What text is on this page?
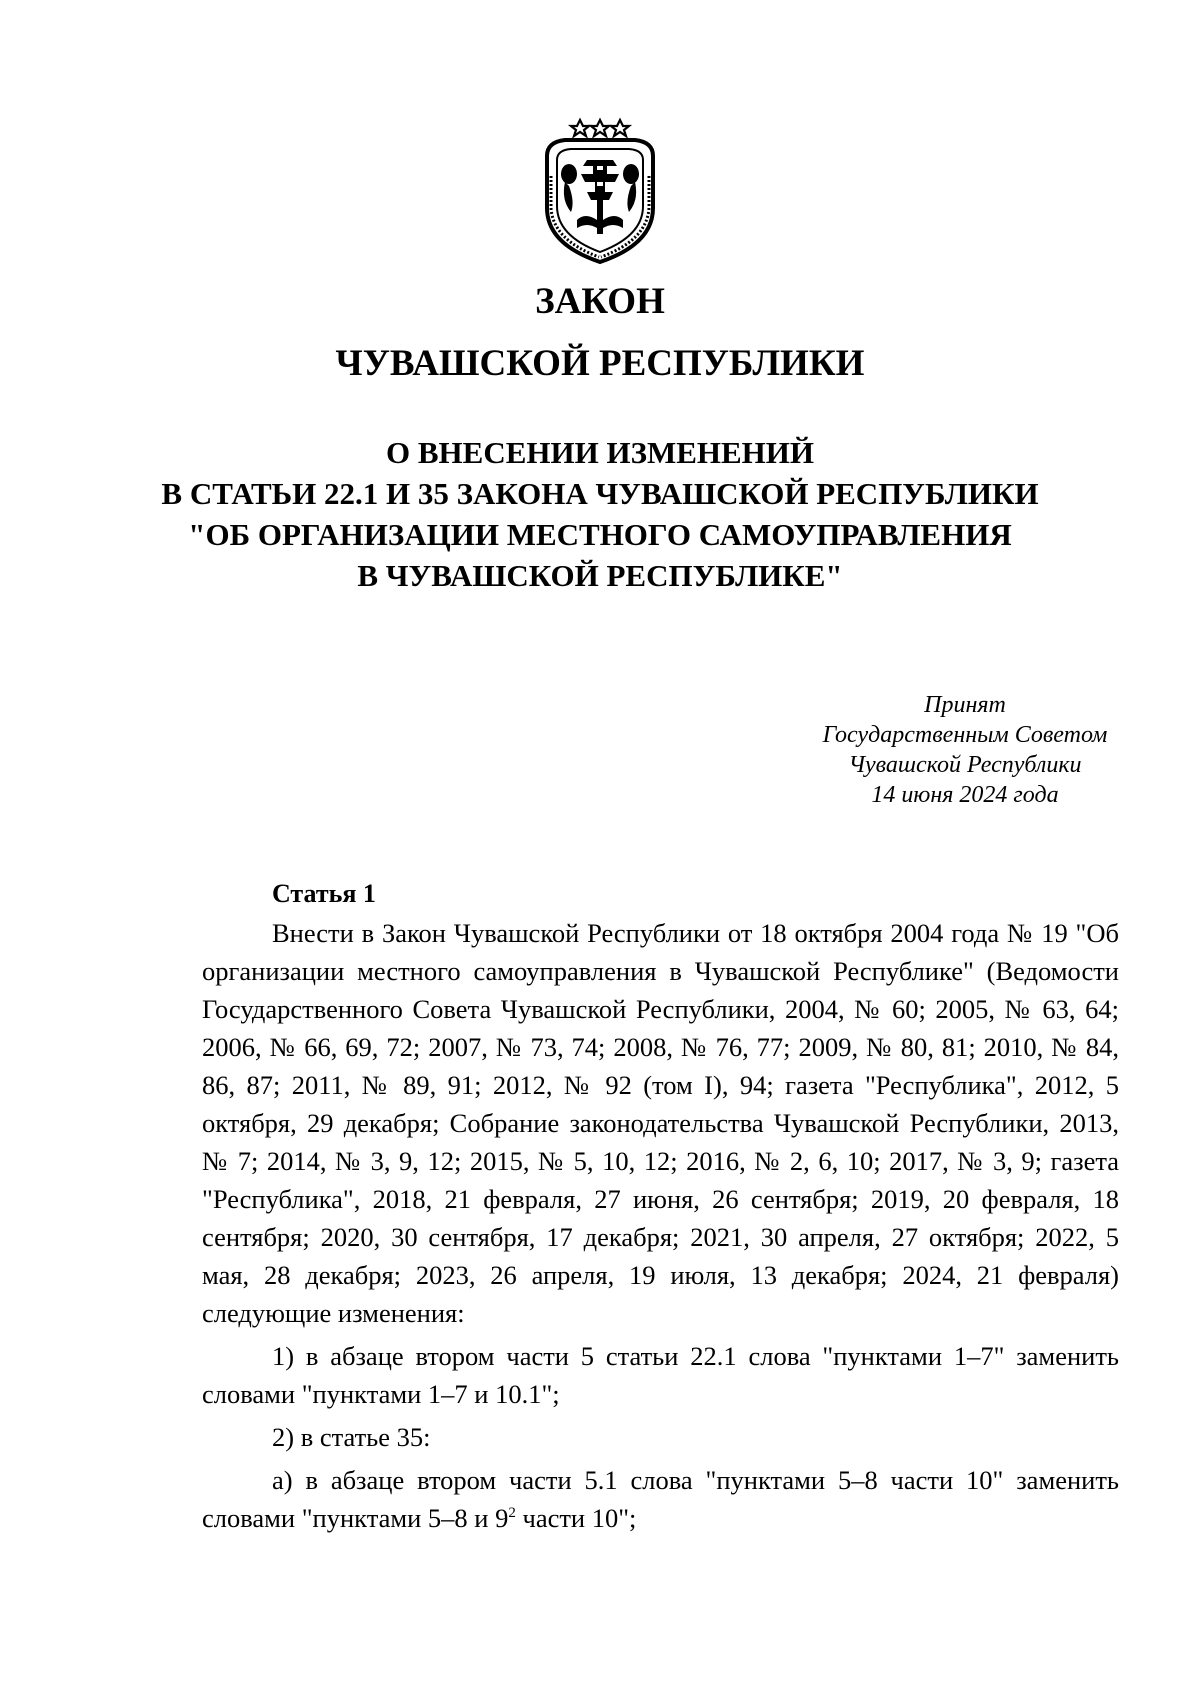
ЗАКОН
ЧУВАШСКОЙ РЕСПУБЛИКИ
О ВНЕСЕНИИ ИЗМЕНЕНИЙ
В СТАТЬИ 22.1 И 35 ЗАКОНА ЧУВАШСКОЙ РЕСПУБЛИКИ
"ОБ ОРГАНИЗАЦИИ МЕСТНОГО САМОУПРАВЛЕНИЯ
В ЧУВАШСКОЙ РЕСПУБЛИКЕ"
Принят
Государственным Советом
Чувашской Республики
14 июня 2024 года
Статья 1

Внести в Закон Чувашской Республики от 18 октября 2004 года № 19 "Об организации местного самоуправления в Чувашской Республике" (Ведомости Государственного Совета Чувашской Республики, 2004, № 60; 2005, № 63, 64; 2006, № 66, 69, 72; 2007, № 73, 74; 2008, № 76, 77; 2009, № 80, 81; 2010, № 84, 86, 87; 2011, № 89, 91; 2012, № 92 (том I), 94; газета "Республика", 2012, 5 октября, 29 декабря; Собрание законодательства Чувашской Республики, 2013, № 7; 2014, № 3, 9, 12; 2015, № 5, 10, 12; 2016, № 2, 6, 10; 2017, № 3, 9; газета "Республика", 2018, 21 февраля, 27 июня, 26 сентября; 2019, 20 февраля, 18 сентября; 2020, 30 сентября, 17 декабря; 2021, 30 апреля, 27 октября; 2022, 5 мая, 28 декабря; 2023, 26 апреля, 19 июля, 13 декабря; 2024, 21 февраля) следующие изменения:

1) в абзаце втором части 5 статьи 22.1 слова "пунктами 1–7" заменить словами "пунктами 1–7 и 10.1";

2) в статье 35:

а) в абзаце втором части 5.1 слова "пунктами 5–8 части 10" заменить словами "пунктами 5–8 и $9^2$ части 10";
